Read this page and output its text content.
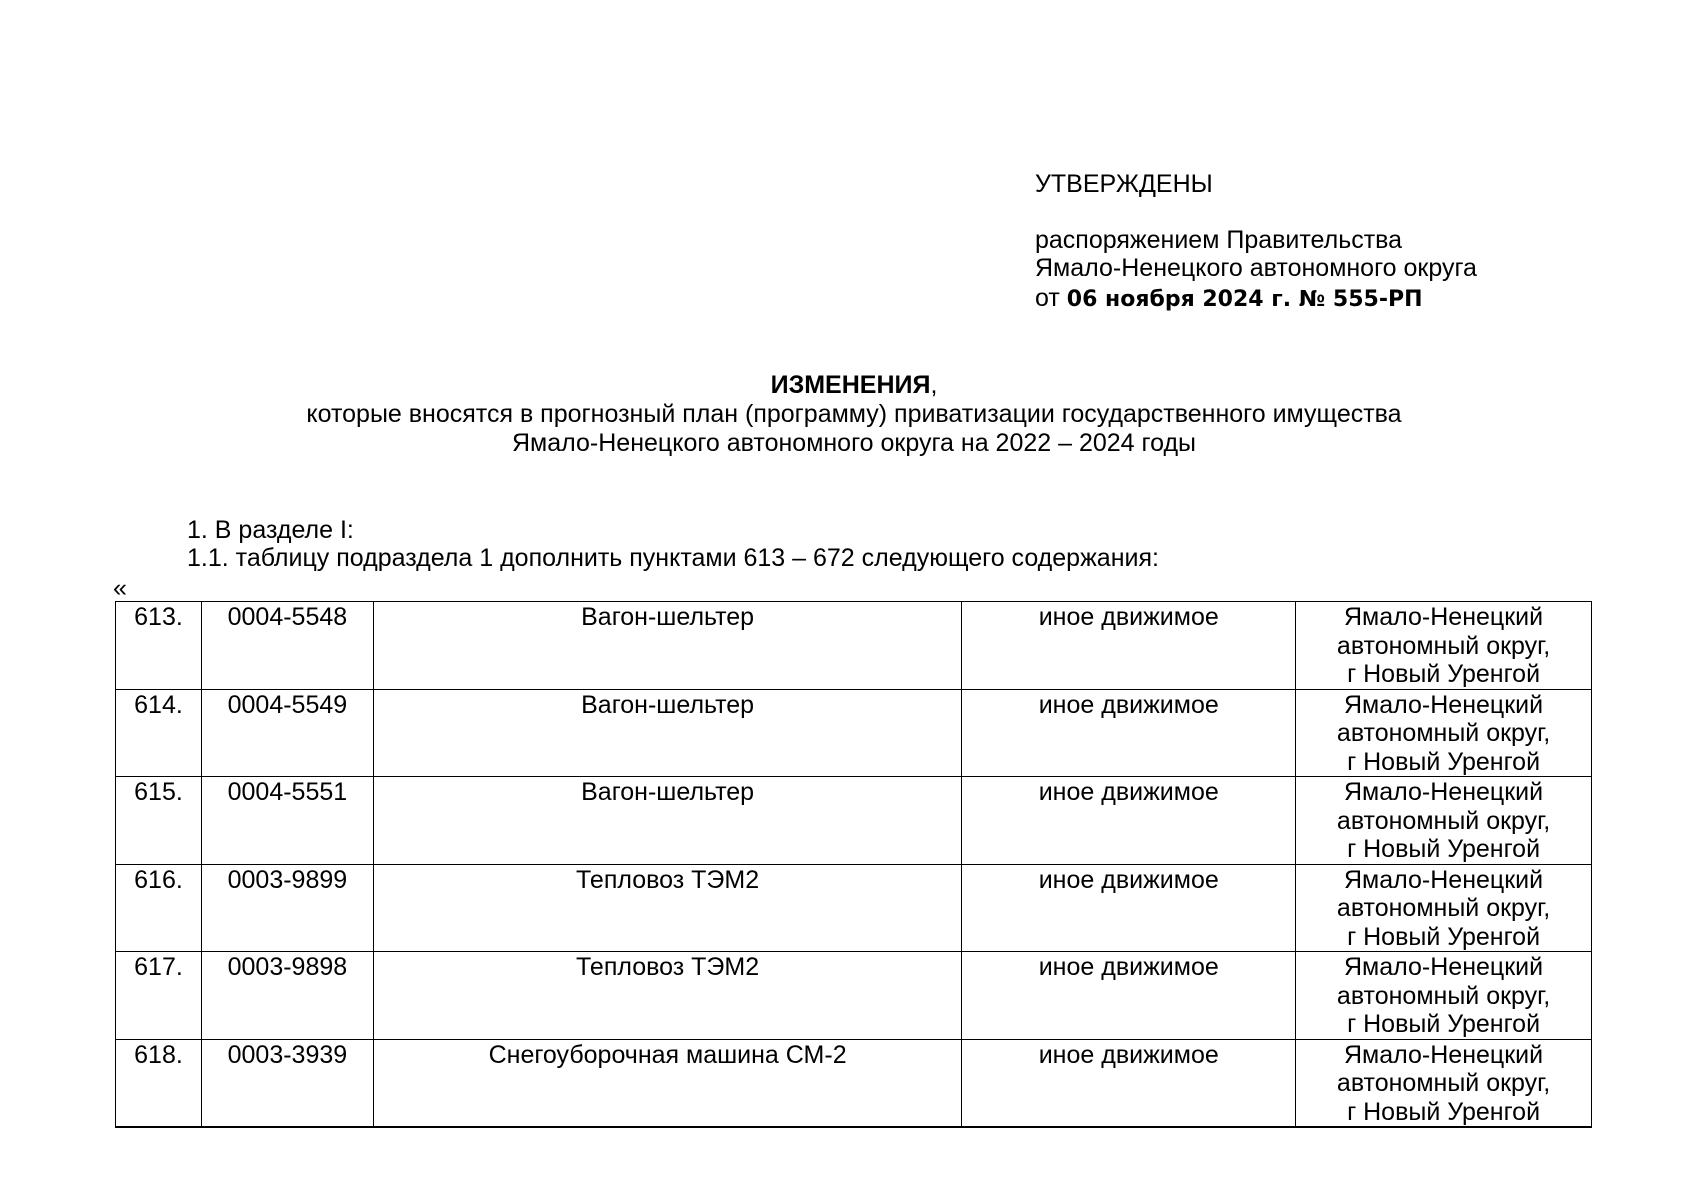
УТВЕРЖДЕНЫ
распоряжением Правительства
Ямало-Ненецкого автономного округа
от 06 ноября 2024 г. № 555-РП
ИЗМЕНЕНИЯ,
которые вносятся в прогнозный план (программу) приватизации государственного имущества
Ямало-Ненецкого автономного округа на 2022 – 2024 годы
1. В разделе I:
1.1. таблицу подраздела 1 дополнить пунктами 613 – 672 следующего содержания:
«
613.	0004-5548	Вагон-шельтер	иное движимое	Ямало-Ненецкий
автономный округ,
г Новый Уренгой

614.	0004-5549	Вагон-шельтер	иное движимое	Ямало-Ненецкий
автономный округ,
г Новый Уренгой

615.	0004-5551	Вагон-шельтер	иное движимое	Ямало-Ненецкий
автономный округ,
г Новый Уренгой

616.	0003-9899	Тепловоз ТЭМ2	иное движимое	Ямало-Ненецкий
автономный округ,
г Новый Уренгой

617.	0003-9898	Тепловоз ТЭМ2	иное движимое	Ямало-Ненецкий
автономный округ,
г Новый Уренгой

618.	0003-3939	Снегоуборочная машина СМ-2	иное движимое	Ямало-Ненецкий
автономный округ,
г Новый Уренгой
